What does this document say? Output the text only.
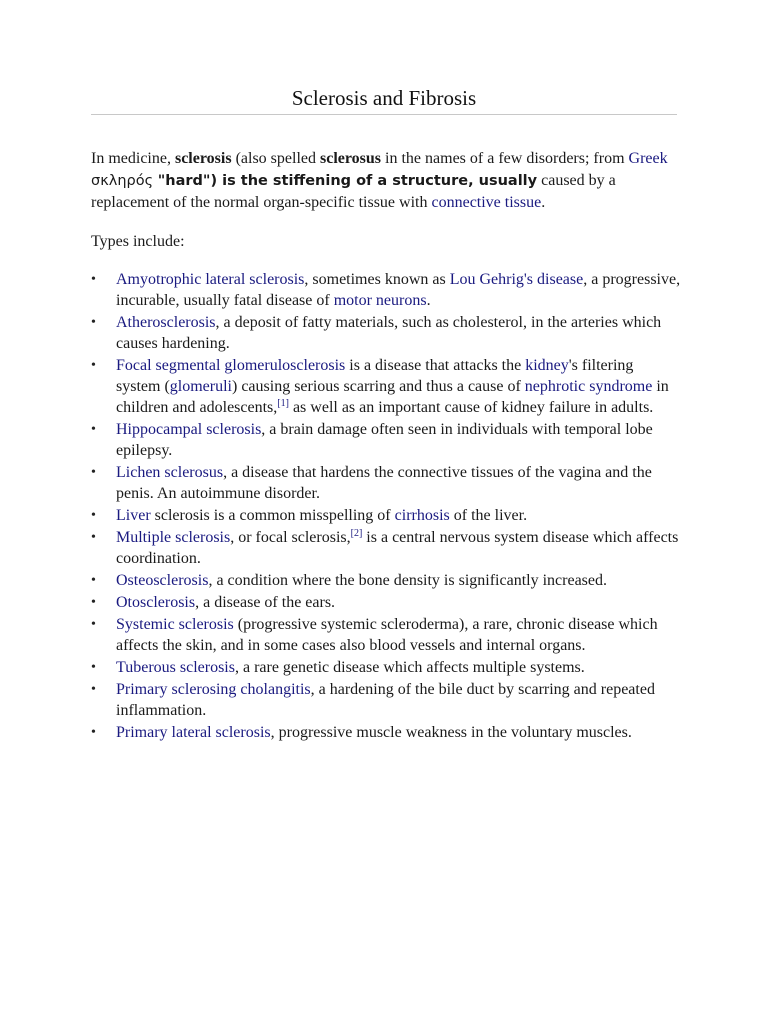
Sclerosis and Fibrosis

In medicine, sclerosis (also spelled sclerosus in the names of a few disorders; from Greek σκληρός "hard") is the stiffening of a structure, usually caused by a replacement of the normal organ-specific tissue with connective tissue.

Types include:

• Amyotrophic lateral sclerosis, sometimes known as Lou Gehrig's disease, a progressive, incurable, usually fatal disease of motor neurons.
• Atherosclerosis, a deposit of fatty materials, such as cholesterol, in the arteries which causes hardening.
• Focal segmental glomerulosclerosis is a disease that attacks the kidney's filtering system (glomeruli) causing serious scarring and thus a cause of nephrotic syndrome in children and adolescents,[1] as well as an important cause of kidney failure in adults.
• Hippocampal sclerosis, a brain damage often seen in individuals with temporal lobe epilepsy.
• Lichen sclerosus, a disease that hardens the connective tissues of the vagina and the penis. An autoimmune disorder.
• Liver sclerosis is a common misspelling of cirrhosis of the liver.
• Multiple sclerosis, or focal sclerosis,[2] is a central nervous system disease which affects coordination.
• Osteosclerosis, a condition where the bone density is significantly increased.
• Otosclerosis, a disease of the ears.
• Systemic sclerosis (progressive systemic scleroderma), a rare, chronic disease which affects the skin, and in some cases also blood vessels and internal organs.
• Tuberous sclerosis, a rare genetic disease which affects multiple systems.
• Primary sclerosing cholangitis, a hardening of the bile duct by scarring and repeated inflammation.
• Primary lateral sclerosis, progressive muscle weakness in the voluntary muscles.
